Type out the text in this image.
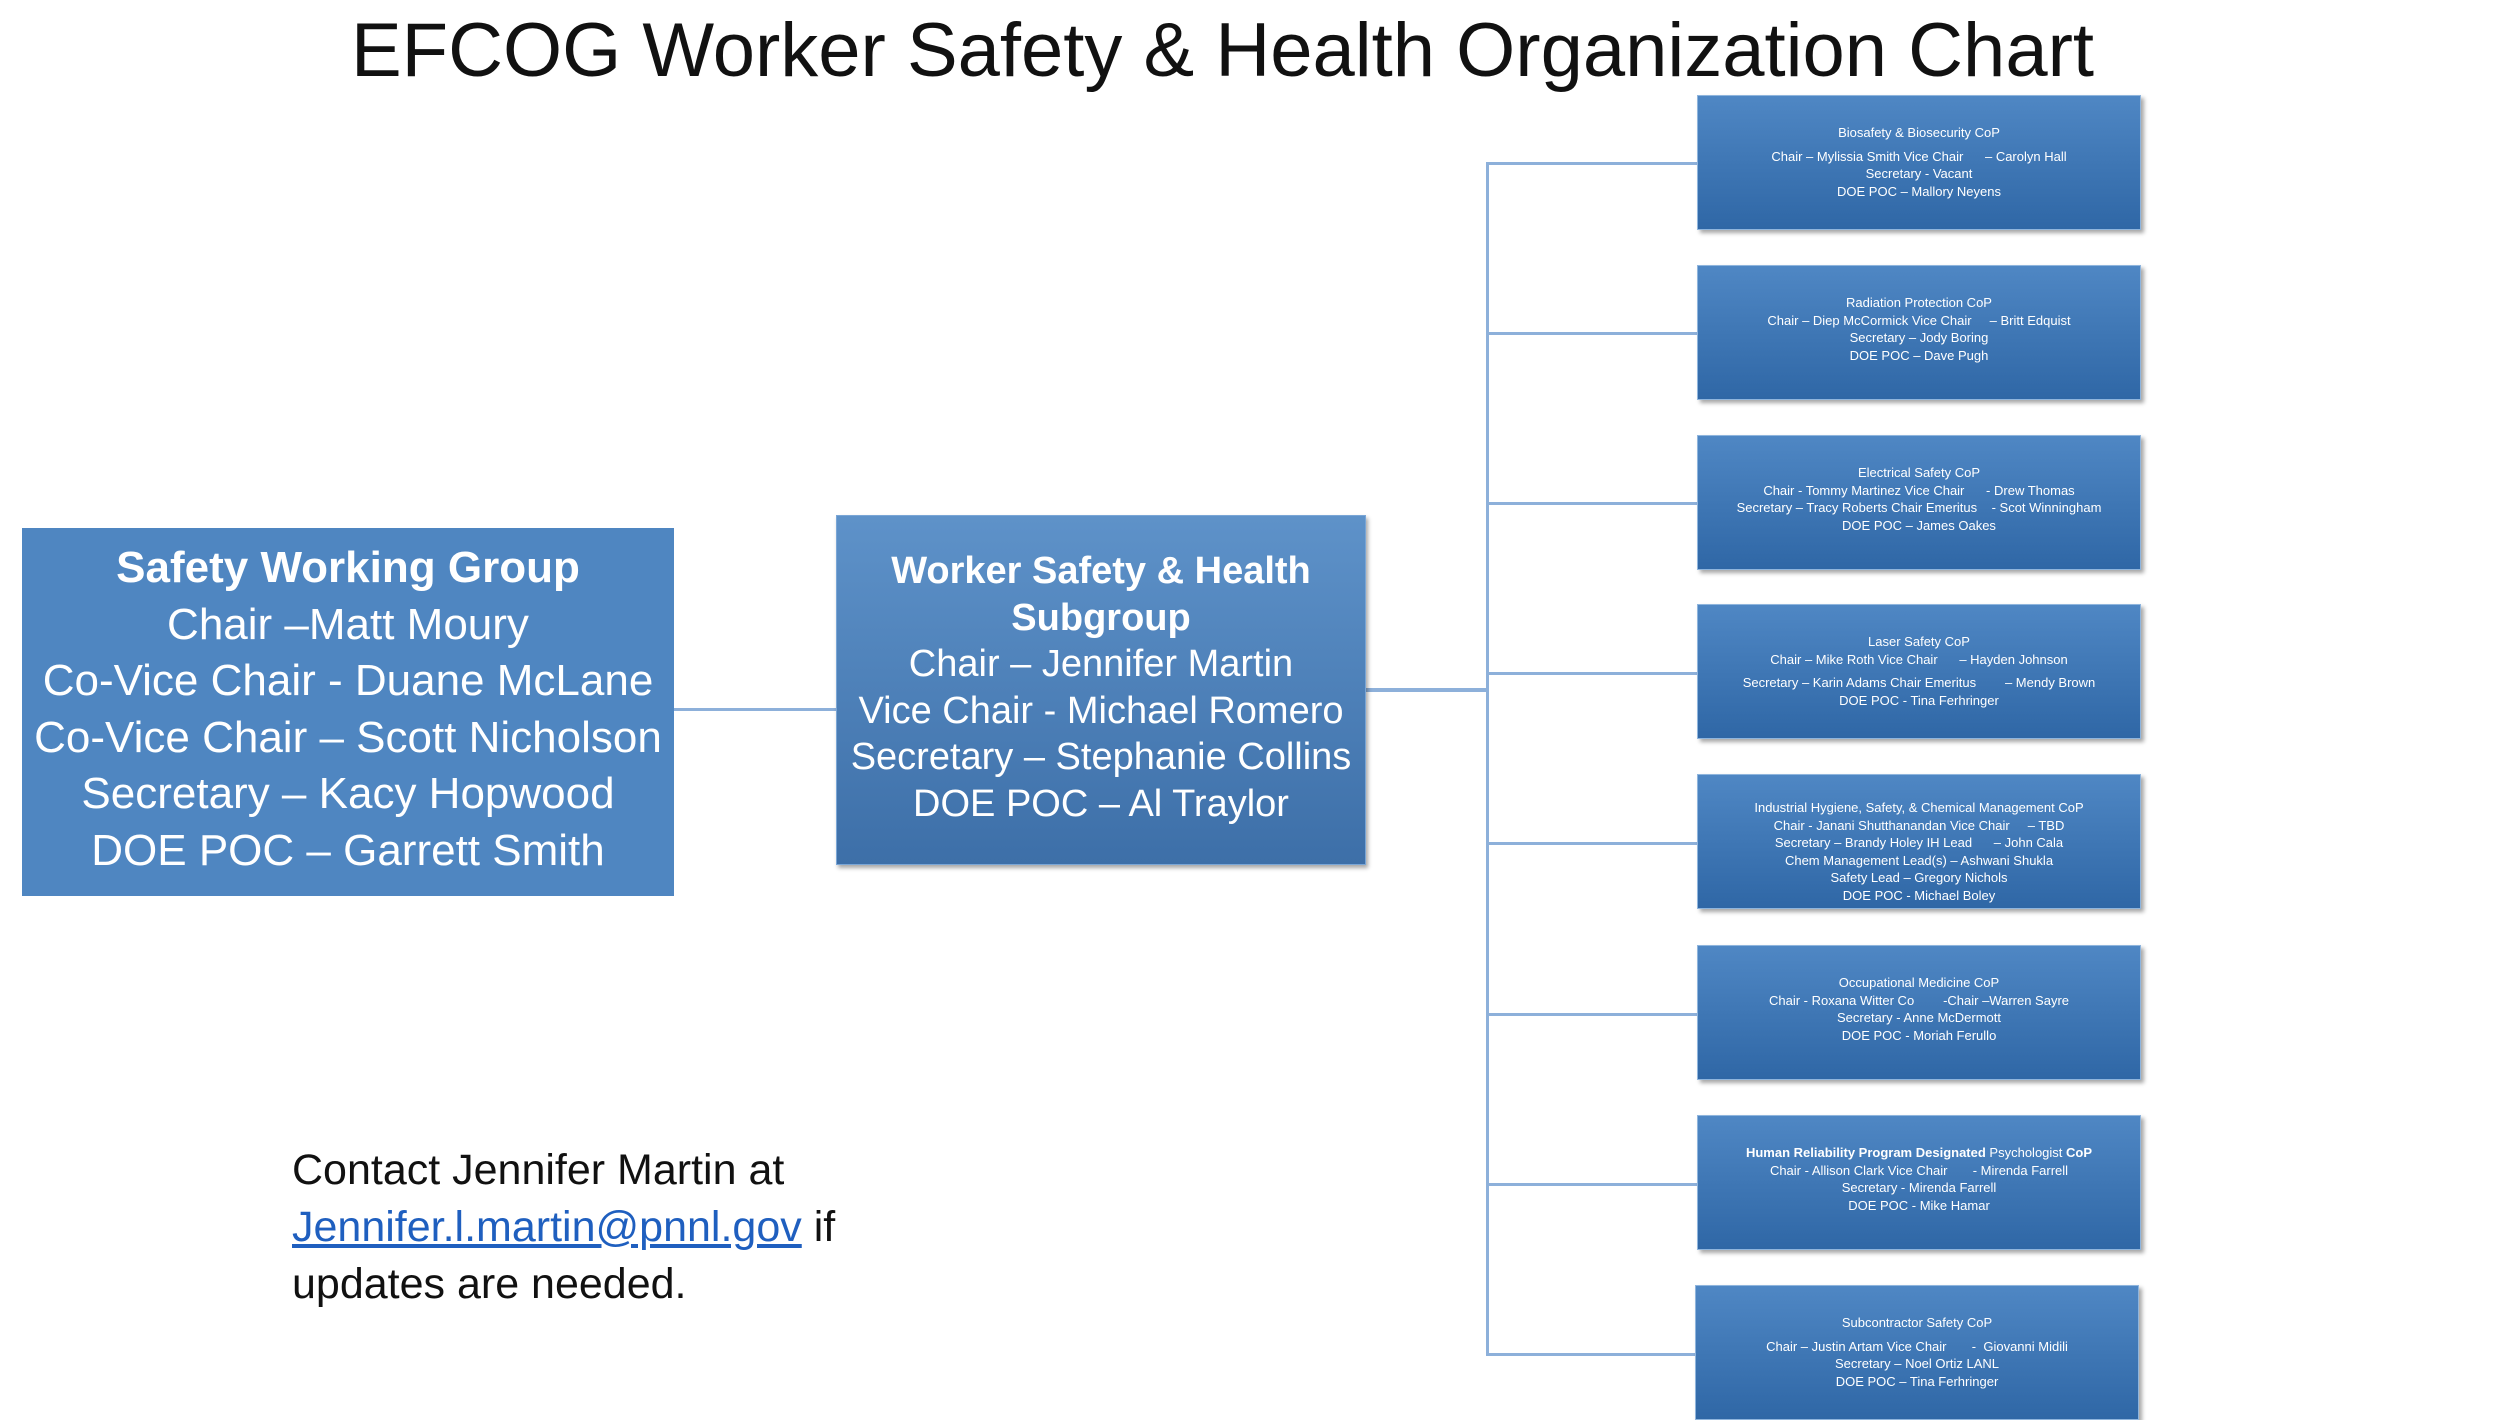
EFCOG Worker Safety & Health Organization Chart
Safety Working Group
Chair –Matt Moury
Co-Vice Chair - Duane McLane
Co-Vice Chair – Scott Nicholson
Secretary – Kacy Hopwood
DOE POC – Garrett Smith
Worker Safety & Health
Subgroup
Chair – Jennifer Martin
Vice Chair - Michael Romero
Secretary – Stephanie Collins
DOE POC – Al Traylor
Biosafety & Biosecurity CoP
Chair – Mylissia Smith Vice Chair      – Carolyn Hall
Secretary - Vacant
DOE POC – Mallory Neyens
Radiation Protection CoP
Chair – Diep McCormick Vice Chair     – Britt Edquist
Secretary – Jody Boring
DOE POC – Dave Pugh
Electrical Safety CoP
Chair - Tommy Martinez Vice Chair      - Drew Thomas
Secretary – Tracy Roberts Chair Emeritus    - Scot Winningham
DOE POC – James Oakes
Laser Safety CoP
Chair – Mike Roth Vice Chair      – Hayden Johnson
Secretary – Karin Adams Chair Emeritus        – Mendy Brown
DOE POC - Tina Ferhringer
Industrial Hygiene, Safety, & Chemical Management CoP
Chair - Janani Shutthanandan Vice Chair     – TBD
Secretary – Brandy Holey IH Lead      – John Cala
Chem Management Lead(s) – Ashwani Shukla
Safety Lead – Gregory Nichols
DOE POC - Michael Boley
Occupational Medicine CoP
Chair - Roxana Witter Co        -Chair –Warren Sayre
Secretary - Anne McDermott
DOE POC - Moriah Ferullo
Human Reliability Program Designated Psychologist CoP
Chair - Allison Clark Vice Chair       - Mirenda Farrell
Secretary - Mirenda Farrell
DOE POC - Mike Hamar
Subcontractor Safety CoP
Chair – Justin Artam Vice Chair       -  Giovanni Midili
Secretary – Noel Ortiz LANL
DOE POC – Tina Ferhringer
Contact Jennifer Martin at
Jennifer.l.martin@pnnl.gov if
updates are needed.
